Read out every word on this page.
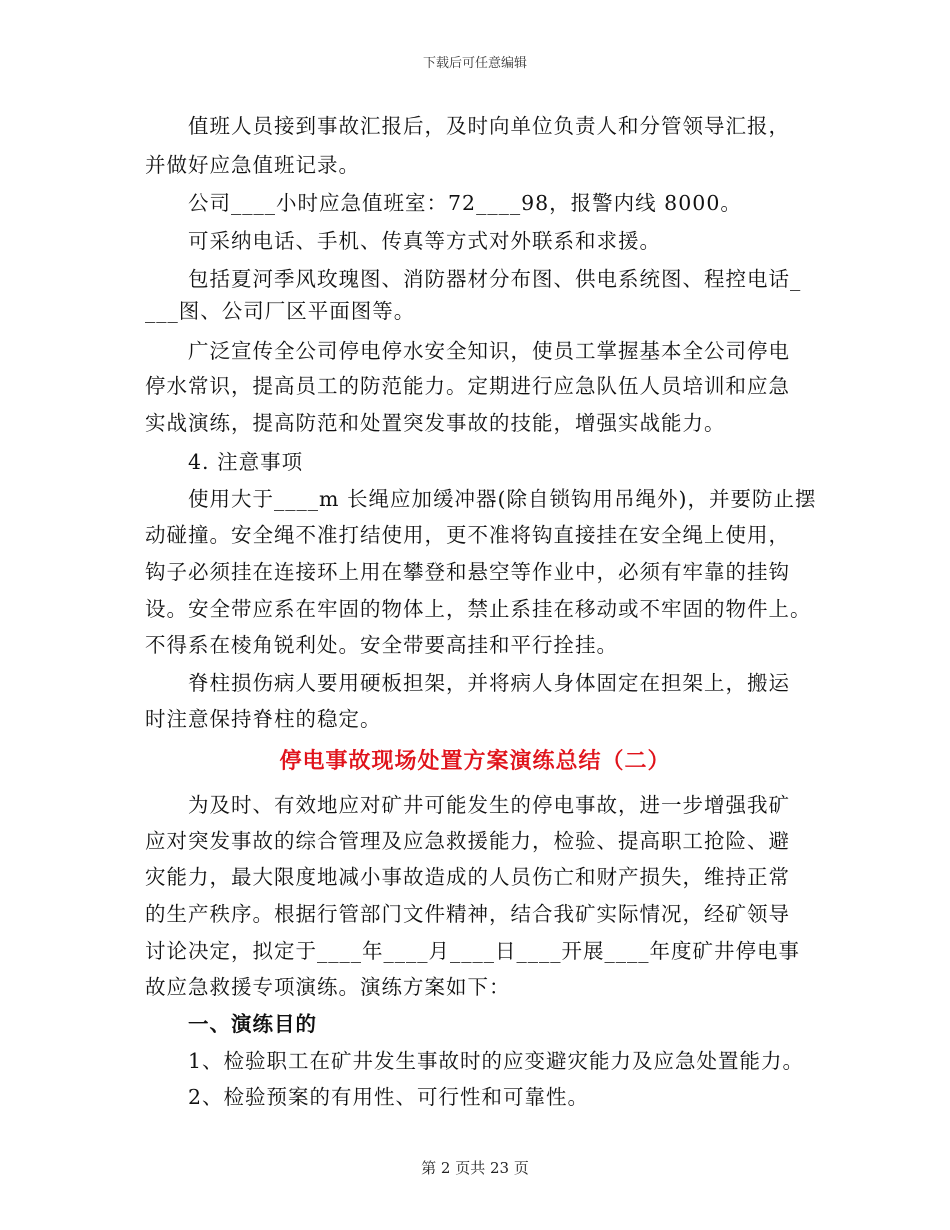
下载后可任意编辑
值班人员接到事故汇报后，及时向单位负责人和分管领导汇报，
并做好应急值班记录。
公司____小时应急值班室：72____98，报警内线 8000。
可采纳电话、手机、传真等方式对外联系和求援。
包括夏河季风玫瑰图、消防器材分布图、供电系统图、程控电话_
___图、公司厂区平面图等。
广泛宣传全公司停电停水安全知识，使员工掌握基本全公司停电
停水常识，提高员工的防范能力。定期进行应急队伍人员培训和应急
实战演练，提高防范和处置突发事故的技能，增强实战能力。
4. 注意事项
使用大于____m 长绳应加缓冲器(除自锁钩用吊绳外)，并要防止摆
动碰撞。安全绳不准打结使用，更不准将钩直接挂在安全绳上使用，
钩子必须挂在连接环上用在攀登和悬空等作业中，必须有牢靠的挂钩
设。安全带应系在牢固的物体上，禁止系挂在移动或不牢固的物件上。
不得系在棱角锐利处。安全带要高挂和平行拴挂。
脊柱损伤病人要用硬板担架，并将病人身体固定在担架上，搬运
时注意保持脊柱的稳定。
停电事故现场处置方案演练总结（二）
为及时、有效地应对矿井可能发生的停电事故，进一步增强我矿
应对突发事故的综合管理及应急救援能力，检验、提高职工抢险、避
灾能力，最大限度地减小事故造成的人员伤亡和财产损失，维持正常
的生产秩序。根据行管部门文件精神，结合我矿实际情况，经矿领导
讨论决定，拟定于____年____月____日____开展____年度矿井停电事
故应急救援专项演练。演练方案如下：
一、演练目的
1、检验职工在矿井发生事故时的应变避灾能力及应急处置能力。
2、检验预案的有用性、可行性和可靠性。
第 2 页共 23 页
